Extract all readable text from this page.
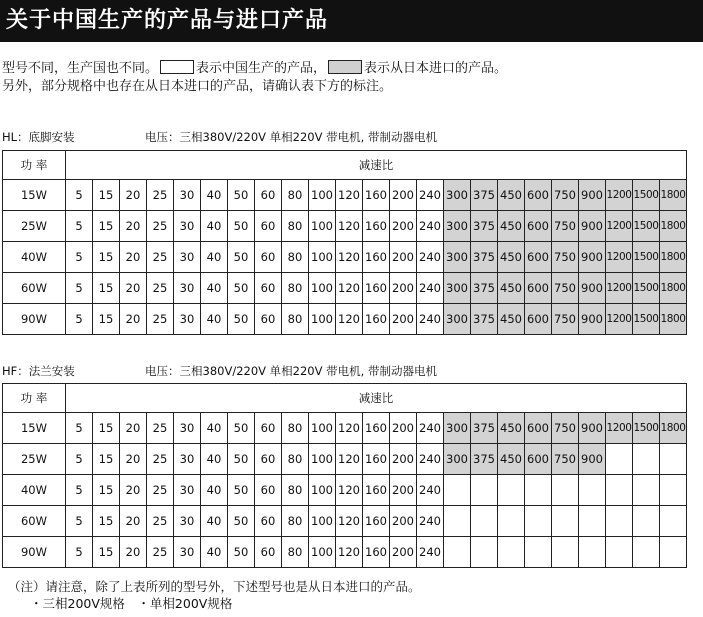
关于中国生产的产品与进口产品
型号不同，生产国也不同。	表示中国生产的产品，	表示从日本进口的产品。
另外，部分规格中也存在从日本进口的产品，请确认表下方的标注。
HL：底脚安装	电压：三相380V/220V 单相220V 带电机, 带制动器电机
功 率	减速比																						
15W	5	15	20	25	30	40	50	60	80	100	120	160	200	240	300	375	450	600	750	900	1200	1500	1800
25W	5	15	20	25	30	40	50	60	80	100	120	160	200	240	300	375	450	600	750	900	1200	1500	1800
40W	5	15	20	25	30	40	50	60	80	100	120	160	200	240	300	375	450	600	750	900	1200	1500	1800
60W	5	15	20	25	30	40	50	60	80	100	120	160	200	240	300	375	450	600	750	900	1200	1500	1800
90W	5	15	20	25	30	40	50	60	80	100	120	160	200	240	300	375	450	600	750	900	1200	1500	1800
HF：法兰安装	电压：三相380V/220V 单相220V 带电机, 带制动器电机
功 率	减速比																						
15W	5	15	20	25	30	40	50	60	80	100	120	160	200	240	300	375	450	600	750	900	1200	1500	1800
25W	5	15	20	25	30	40	50	60	80	100	120	160	200	240	300	375	450	600	750	900			
40W	5	15	20	25	30	40	50	60	80	100	120	160	200	240									
60W	5	15	20	25	30	40	50	60	80	100	120	160	200	240									
90W	5	15	20	25	30	40	50	60	80	100	120	160	200	240									
（注）请注意，除了上表所列的型号外，下述型号也是从日本进口的产品。
・三相200V规格　・单相200V规格
